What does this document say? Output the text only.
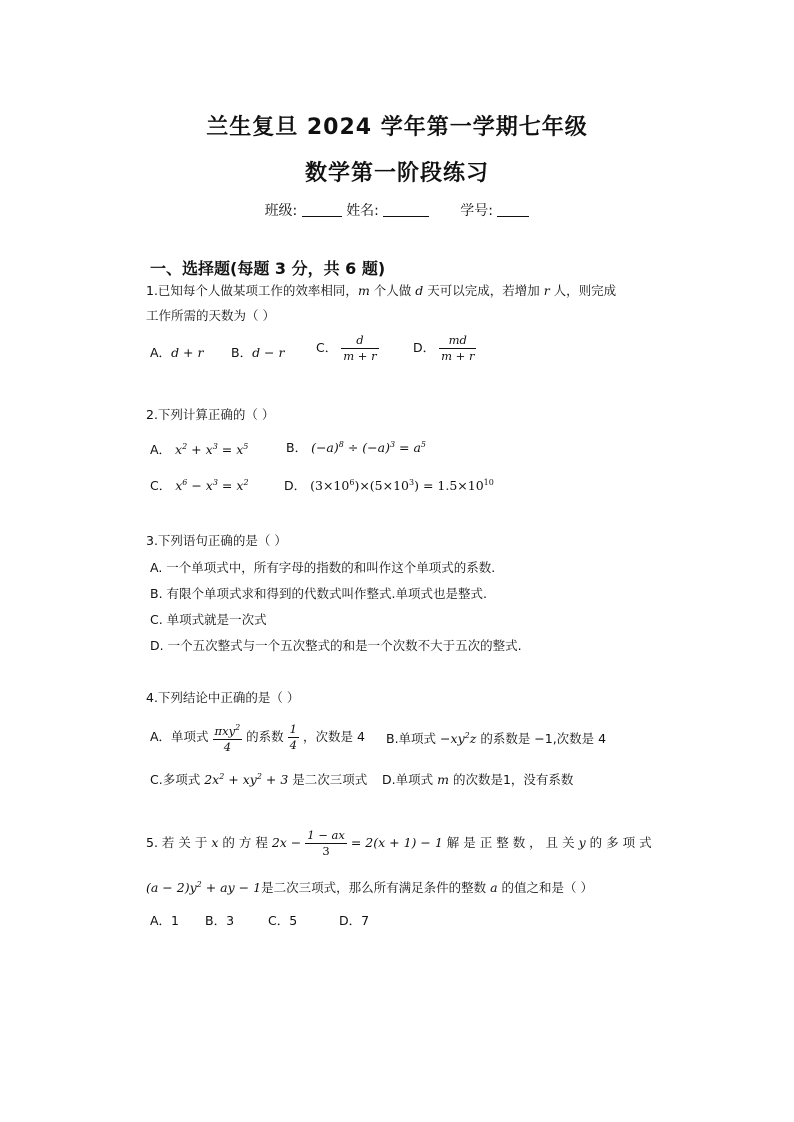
兰生复旦 2024 学年第一学期七年级
数学第一阶段练习
班级:	姓名:	学号:
一、选择题(每题 3 分，共 6 题)
1.已知每个人做某项工作的效率相同，m 个人做 d 天可以完成，若增加 r 人，则完成
工作所需的天数为（ ）
A．d + r B．d − r	C． $\frac{d}{m + r}$	D． $\frac{md}{m + r}$
2.下列计算正确的（ ）
A． $x^2 + x^3 = x^5$	B． $(-a)^8 \div (-a)^3 = a^5$
C． $x^6 - x^3 = x^2$	D． $(3\times 10^6)\times(5\times 10^3) = 1.5\times 10^{10}$
3.下列语句正确的是（ ）
A. 一个单项式中，所有字母的指数的和叫作这个单项式的系数.
B. 有限个单项式求和得到的代数式叫作整式.单项式也是整式.
C. 单项式就是一次式
D. 一个五次整式与一个五次整式的和是一个次数不大于五次的整式.
4.下列结论中正确的是（ ）
A．单项式 $\frac{\pi xy^2}{4}$ 的系数 $\frac{1}{4}$ ，次数是 4 B.单项式 $-xy^2z$ 的系数是 −1,次数是 4
C.多项式 $2x^2 + xy^2 + 3$ 是二次三项式 D.单项式 m 的次数是1，没有系数
5. 若 关 于 x 的 方 程 $2x - \frac{1 - ax}{3} = 2(x + 1) - 1$ 解 是 正 整 数 ， 且 关 y 的 多 项 式
$(a - 2)y^2$ + ay − 1是二次三项式，那么所有满足条件的整数 a 的值之和是（ ）
A．1 B．3	C．5	D．7
